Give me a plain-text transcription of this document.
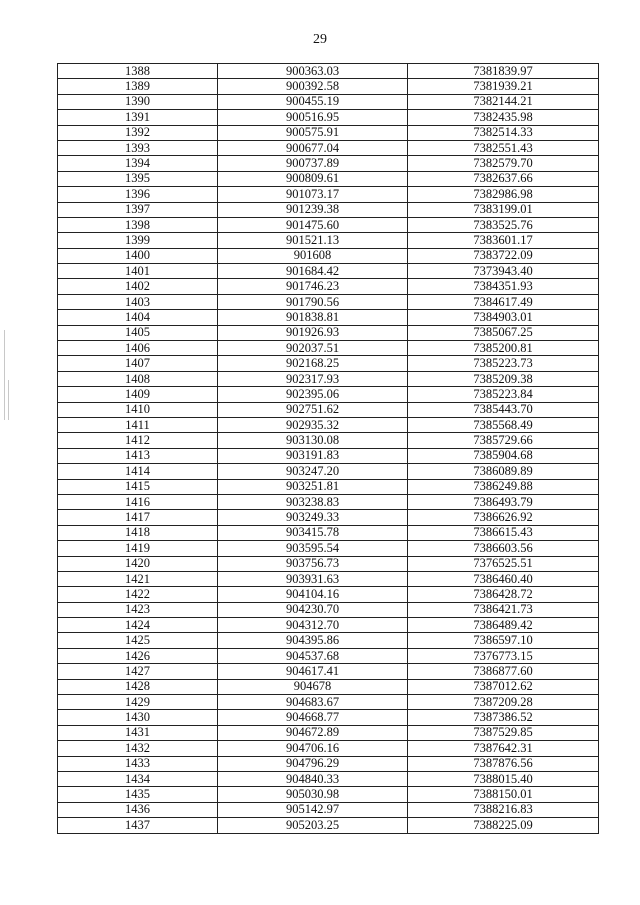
29
1388	900363.03	7381839.97
1389	900392.58	7381939.21
1390	900455.19	7382144.21
1391	900516.95	7382435.98
1392	900575.91	7382514.33
1393	900677.04	7382551.43
1394	900737.89	7382579.70
1395	900809.61	7382637.66
1396	901073.17	7382986.98
1397	901239.38	7383199.01
1398	901475.60	7383525.76
1399	901521.13	7383601.17
1400	901608	7383722.09
1401	901684.42	7373943.40
1402	901746.23	7384351.93
1403	901790.56	7384617.49
1404	901838.81	7384903.01
1405	901926.93	7385067.25
1406	902037.51	7385200.81
1407	902168.25	7385223.73
1408	902317.93	7385209.38
1409	902395.06	7385223.84
1410	902751.62	7385443.70
1411	902935.32	7385568.49
1412	903130.08	7385729.66
1413	903191.83	7385904.68
1414	903247.20	7386089.89
1415	903251.81	7386249.88
1416	903238.83	7386493.79
1417	903249.33	7386626.92
1418	903415.78	7386615.43
1419	903595.54	7386603.56
1420	903756.73	7376525.51
1421	903931.63	7386460.40
1422	904104.16	7386428.72
1423	904230.70	7386421.73
1424	904312.70	7386489.42
1425	904395.86	7386597.10
1426	904537.68	7376773.15
1427	904617.41	7386877.60
1428	904678	7387012.62
1429	904683.67	7387209.28
1430	904668.77	7387386.52
1431	904672.89	7387529.85
1432	904706.16	7387642.31
1433	904796.29	7387876.56
1434	904840.33	7388015.40
1435	905030.98	7388150.01
1436	905142.97	7388216.83
1437	905203.25	7388225.09
